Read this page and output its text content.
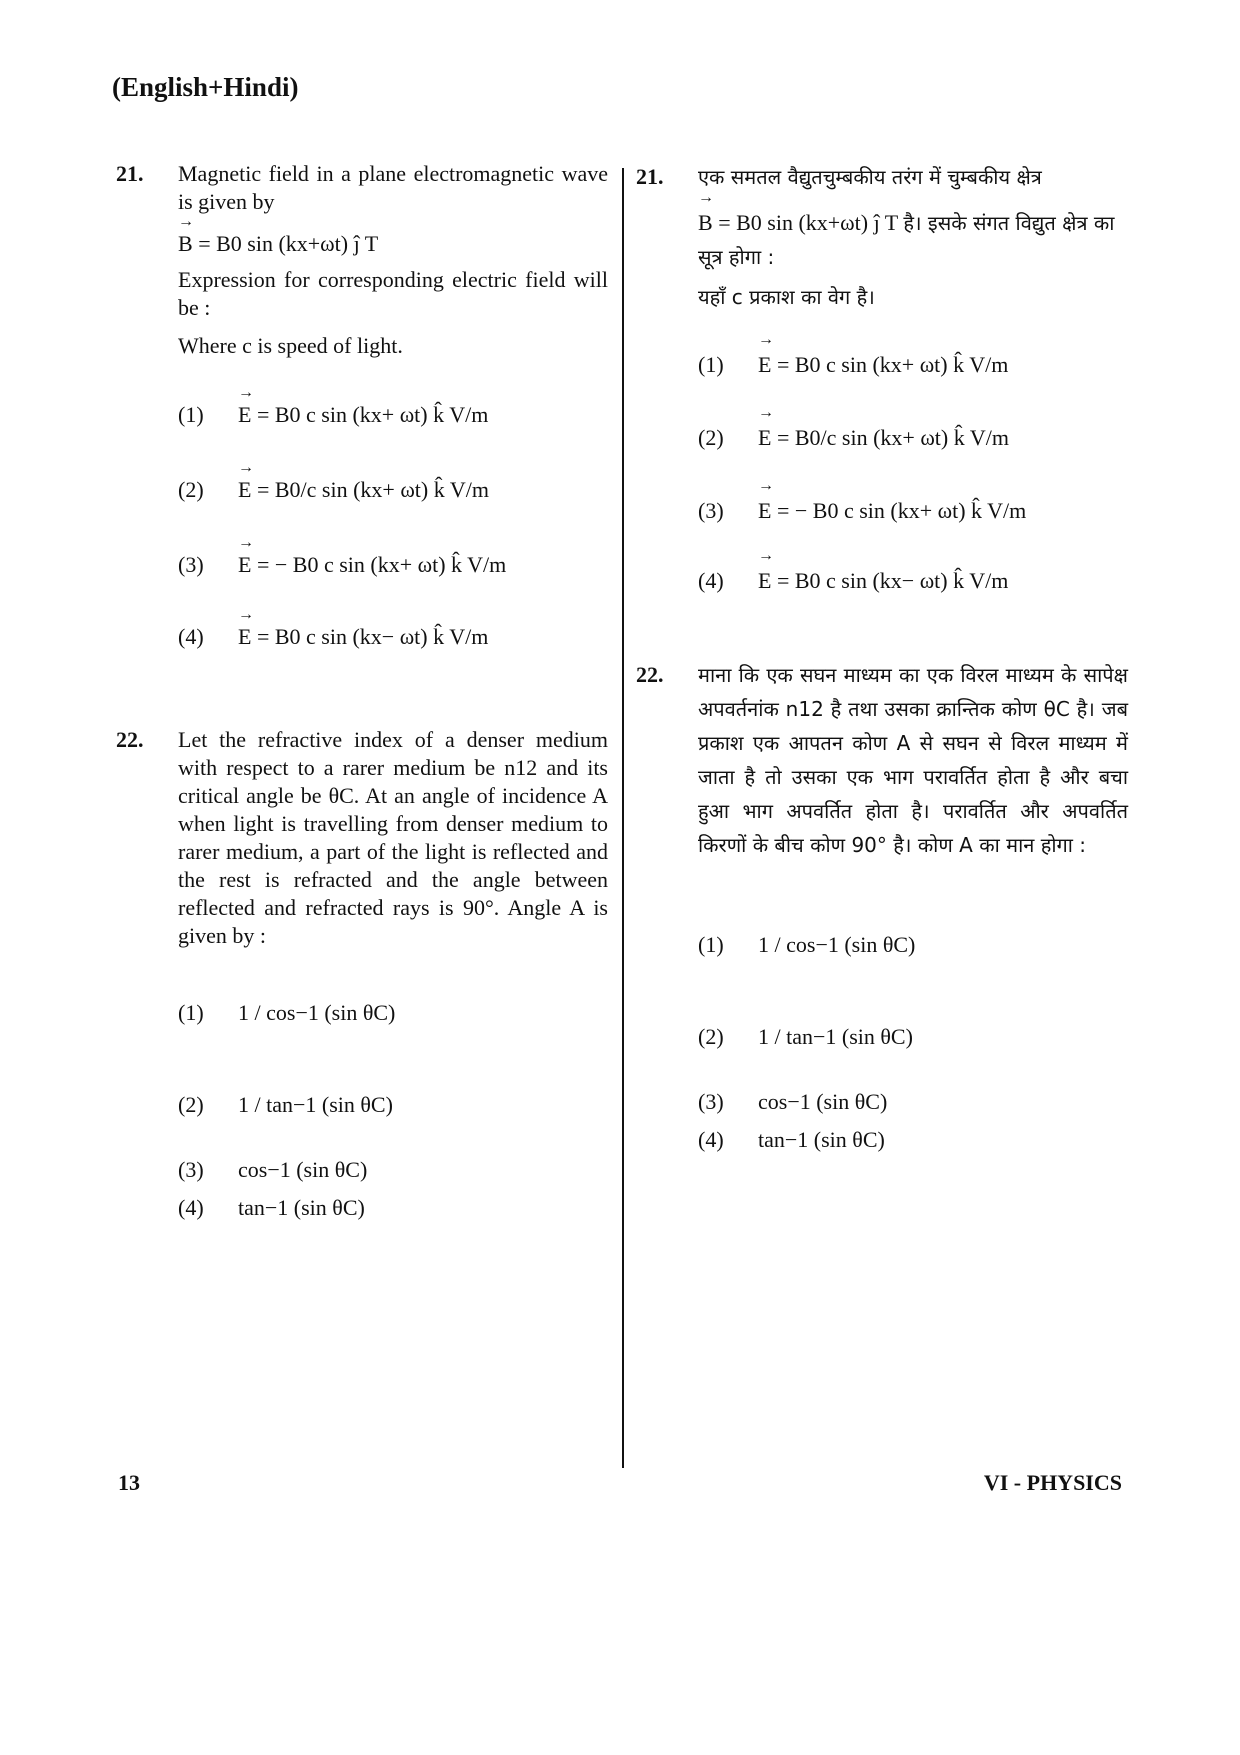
(English+Hindi)
21. Magnetic field in a plane electromagnetic wave is given by

B
→
= B0 sin (kx+ωt) ĵ T

Expression for corresponding electric field will be :

Where c is speed of light.

(1)	E
→

= B0 c sin (kx+ ωt) k̂ V/m
(2)	E
→

= B0/c sin (kx+ ωt) k̂ V/m
(3)	E
→

= − B0 c sin (kx+ ωt) k̂ V/m
(4)	E
→

= B0 c sin (kx− ωt) k̂ V/m
22. Let the refractive index of a denser medium with respect to a rarer medium be n12 and its critical angle be θC. At an angle of incidence A when light is travelling from denser medium to rarer medium, a part of the light is reflected and the rest is refracted and the angle between reflected and refracted rays is 90°. Angle A is given by :

(1)	1 / cos−1 (sin θC)
(2)	1 / tan−1 (sin θC)
(3)	cos−1 (sin θC)
(4)	tan−1 (sin θC)
21. एक समतल वैद्युतचुम्बकीय तरंग में चुम्बकीय क्षेत्र

B
→
= B0 sin (kx+ωt) ĵ T है। इसके संगत विद्युत क्षेत्र का सूत्र होगा :

यहाँ c प्रकाश का वेग है।

(1)	E
→

= B0 c sin (kx+ ωt) k̂ V/m
(2)	E
→

= B0/c sin (kx+ ωt) k̂ V/m
(3)	E
→

= − B0 c sin (kx+ ωt) k̂ V/m
(4)	E
→

= B0 c sin (kx− ωt) k̂ V/m
22. माना कि एक सघन माध्यम का एक विरल माध्यम के सापेक्ष अपवर्तनांक n12 है तथा उसका क्रान्तिक कोण θC है। जब प्रकाश एक आपतन कोण A से सघन से विरल माध्यम में जाता है तो उसका एक भाग परावर्तित होता है और बचा हुआ भाग अपवर्तित होता है। परावर्तित और अपवर्तित किरणों के बीच कोण 90° है। कोण A का मान होगा :

(1)	1 / cos−1 (sin θC)
(2)	1 / tan−1 (sin θC)
(3)	cos−1 (sin θC)
(4)	tan−1 (sin θC)
13	VI - PHYSICS
